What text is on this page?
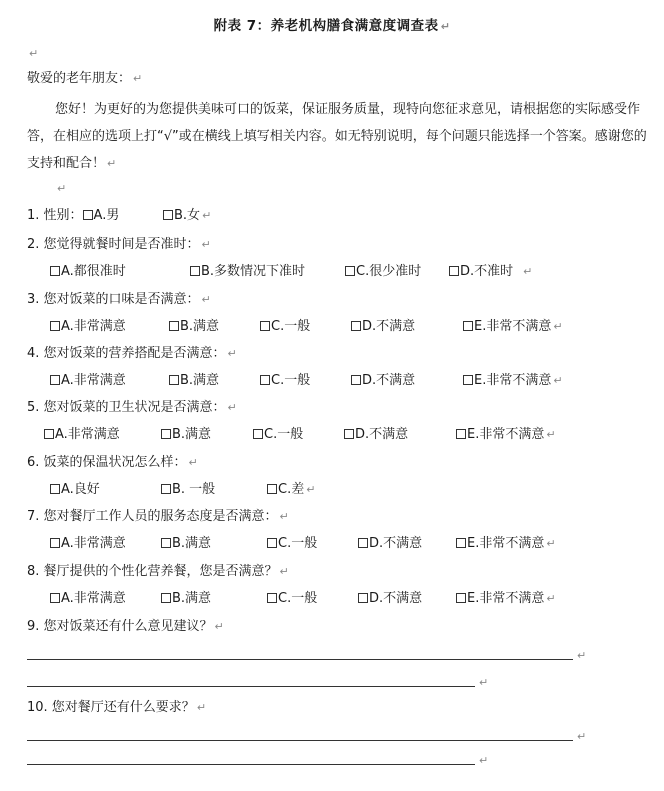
附表 7：养老机构膳食满意度调查表 ↵
↵
敬爱的老年朋友： ↵
您好！为更好的为您提供美味可口的饭菜，保证服务质量，现特向您征求意见，请根据您的实际感受作答，在相应的选项上打“√”或在横线上填写相关内容。如无特别说明，每个问题只能选择一个答案。感谢您的支持和配合！ ↵
↵
1. 性别： A.男	B.女 ↵
2. 您觉得就餐时间是否准时： ↵
A.都很准时	B.多数情况下准时	C.很少准时	D.不准时 ↵
3. 您对饭菜的口味是否满意： ↵
A.非常满意	B.满意	C.一般	D.不满意	E.非常不满意 ↵
4. 您对饭菜的营养搭配是否满意： ↵
A.非常满意	B.满意	C.一般	D.不满意	E.非常不满意 ↵
5. 您对饭菜的卫生状况是否满意： ↵
A.非常满意	B.满意	C.一般	D.不满意	E.非常不满意 ↵
6. 饭菜的保温状况怎么样： ↵
A.良好	B. 一般	C.差 ↵
7. 您对餐厅工作人员的服务态度是否满意： ↵
A.非常满意	B.满意	C.一般	D.不满意	E.非常不满意 ↵
8. 餐厅提供的个性化营养餐，您是否满意？ ↵
A.非常满意	B.满意	C.一般	D.不满意	E.非常不满意 ↵
9. 您对饭菜还有什么意见建议？ ↵
↵
↵
10. 您对餐厅还有什么要求？ ↵
↵
↵
